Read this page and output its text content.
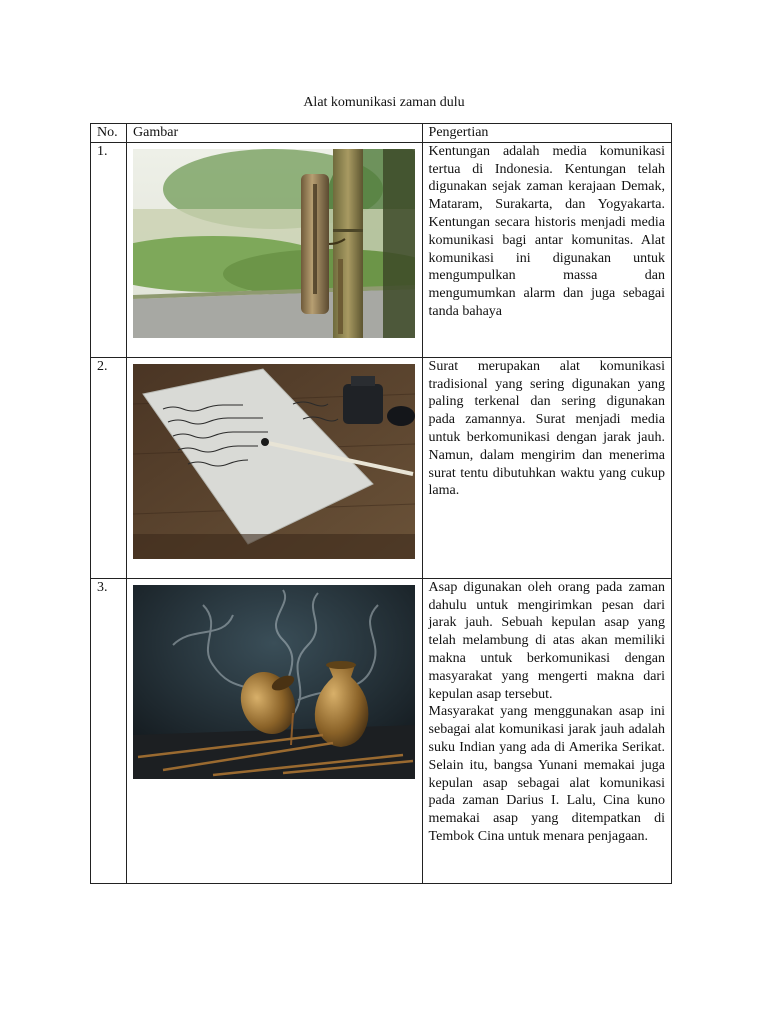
Alat komunikasi zaman dulu
No.	Gambar	Pengertian

1.		Kentungan adalah media komunikasi tertua di Indonesia. Kentungan telah digunakan sejak zaman kerajaan Demak, Mataram, Surakarta, dan Yogyakarta. Kentungan secara historis menjadi media komunikasi bagi antar komunitas. Alat komunikasi ini digunakan untuk mengumpulkan massa dan mengumumkan alarm dan juga sebagai tanda bahaya

2.		Surat merupakan alat komunikasi tradisional yang sering digunakan yang paling terkenal dan sering digunakan pada zamannya. Surat menjadi media untuk berkomunikasi dengan jarak jauh. Namun, dalam mengirim dan menerima surat tentu dibutuhkan waktu yang cukup lama.

3.		Asap digunakan oleh orang pada zaman dahulu untuk mengirimkan pesan dari jarak jauh. Sebuah kepulan asap yang telah melambung di atas akan memiliki makna untuk berkomunikasi dengan masyarakat yang mengerti makna dari kepulan asap tersebut.

Masyarakat yang menggunakan asap ini sebagai alat komunikasi jarak jauh adalah suku Indian yang ada di Amerika Serikat. Selain itu, bangsa Yunani memakai juga kepulan asap sebagai alat komunikasi pada zaman Darius I. Lalu, Cina kuno memakai asap yang ditempatkan di Tembok Cina untuk menara penjagaan.
